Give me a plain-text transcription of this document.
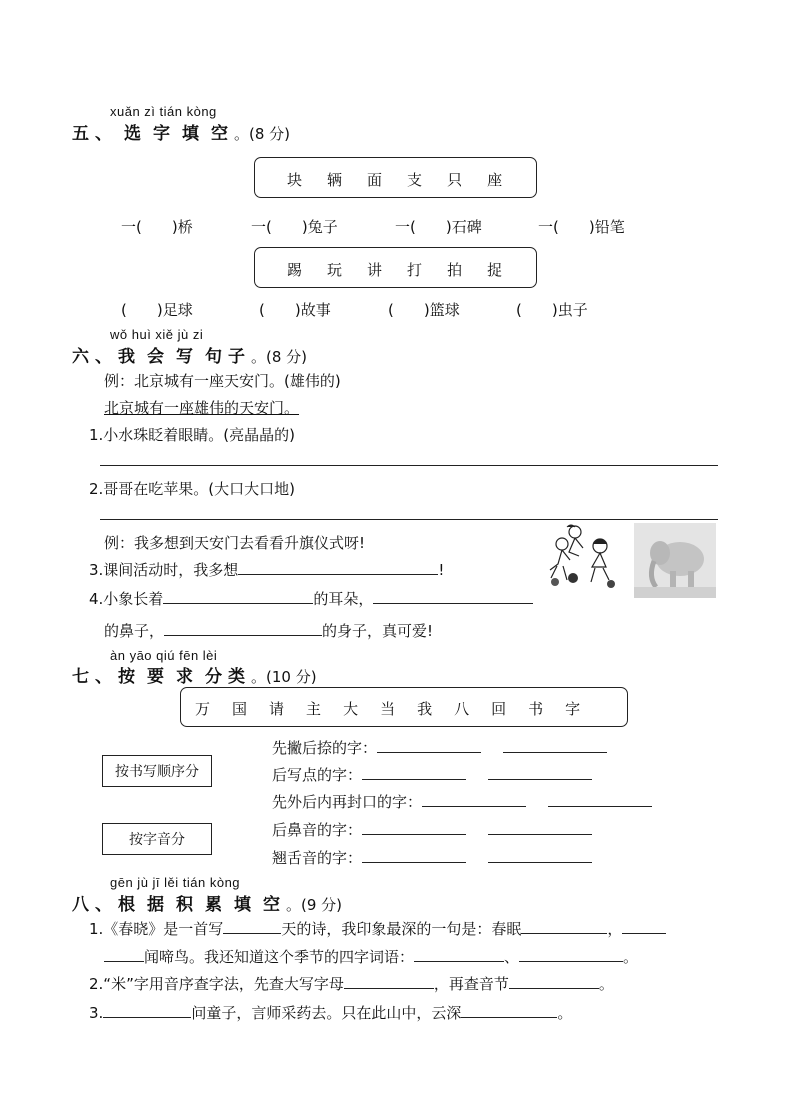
xuǎn zì tián kòng
五、 选 字 填 空。(8 分)
块 辆 面 支 只 座
一(　　)桥	一(　　)兔子	一(　　)石碑	一(　　)铅笔
踢 玩 讲 打 拍 捉
(　　)足球	(　　)故事	(　　)篮球	(　　)虫子
wǒ huì xiě jù zi
六、我 会 写 句子。(8 分)
例：北京城有一座天安门。(雄伟的)
北京城有一座雄伟的天安门。
1.小水珠眨着眼睛。(亮晶晶的)
2.哥哥在吃苹果。(大口大口地)
例：我多想到天安门去看看升旗仪式呀!
3.课间活动时，我多想	!
4.小象长着	的耳朵，
的鼻子，	的身子，真可爱!
àn yāo qiú fēn lèi
七、按 要 求 分类。(10 分)
万 国 请 主 大 当 我 八 回 书 字
按书写顺序分
按字音分
先撇后捺的字：
后写点的字：
先外后内再封口的字：
后鼻音的字：
翘舌音的字：
gēn jù jī lěi tián kòng
八、根 据 积 累 填 空。(9 分)
1.《春晓》是一首写	天的诗，我印象最深的一句是：春眠	，
闻啼鸟。我还知道这个季节的四字词语：	、	。
2.“米”字用音序查字法，先查大写字母	，再查音节	。
3.	问童子，言师采药去。只在此山中，云深	。
